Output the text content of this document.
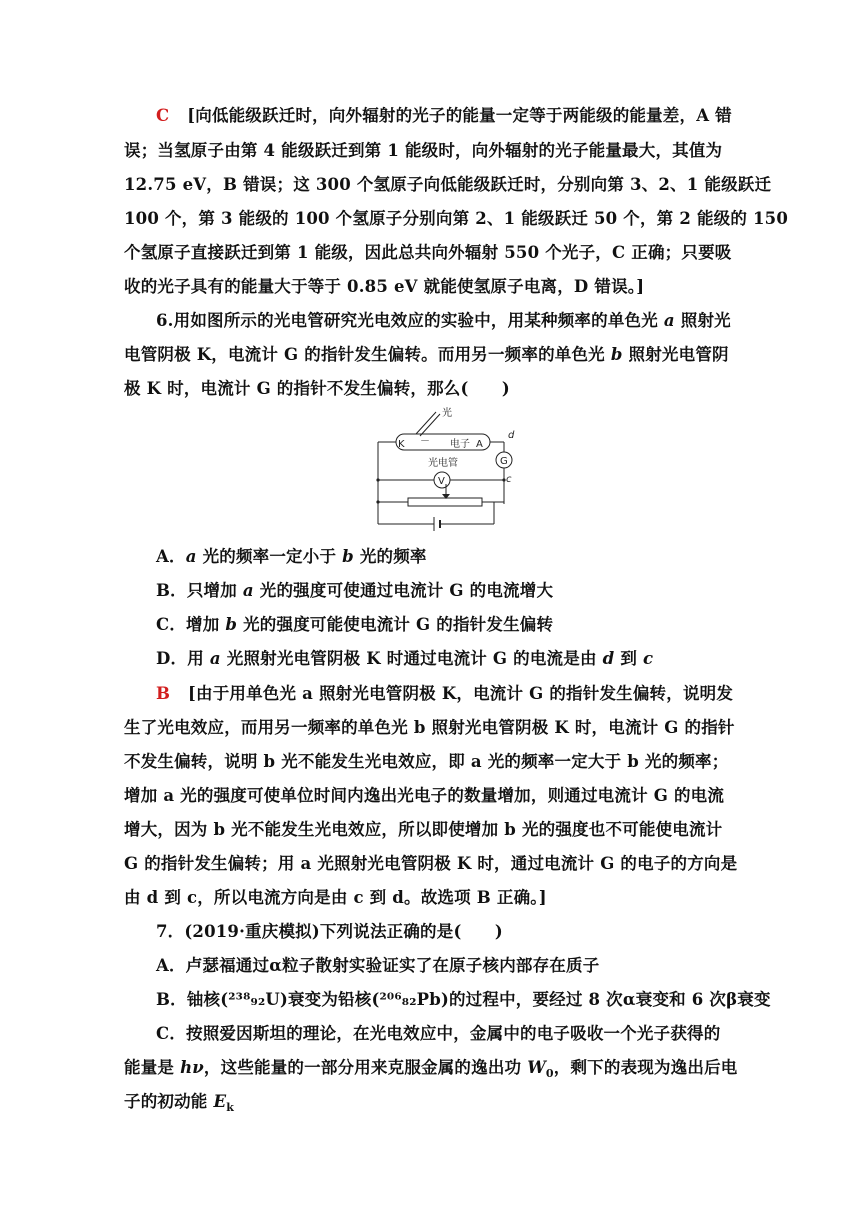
C [向低能级跃迁时，向外辐射的光子的能量一定等于两能级的能量差，A 错
误；当氢原子由第 4 能级跃迁到第 1 能级时，向外辐射的光子能量最大，其值为
12.75 eV，B 错误；这 300 个氢原子向低能级跃迁时，分别向第 3、2、1 能级跃迁
100 个，第 3 能级的 100 个氢原子分别向第 2、1 能级跃迁 50 个，第 2 能级的 150
个氢原子直接跃迁到第 1 能级，因此总共向外辐射 550 个光子，C 正确；只要吸
收的光子具有的能量大于等于 0.85 eV 就能使氢原子电离，D 错误。]
6.用如图所示的光电管研究光电效应的实验中，用某种频率的单色光 a 照射光
电管阴极 K，电流计 G 的指针发生偏转。而用另一频率的单色光 b 照射光电管阴
极 K 时，电流计 G 的指针不发生偏转，那么(　　)
光
K － 电子 A
光电管	G
d
c
V
A．a 光的频率一定小于 b 光的频率
B．只增加 a 光的强度可使通过电流计 G 的电流增大
C．增加 b 光的强度可能使电流计 G 的指针发生偏转
D．用 a 光照射光电管阴极 K 时通过电流计 G 的电流是由 d 到 c
B [由于用单色光 a 照射光电管阴极 K，电流计 G 的指针发生偏转，说明发
生了光电效应，而用另一频率的单色光 b 照射光电管阴极 K 时，电流计 G 的指针
不发生偏转，说明 b 光不能发生光电效应，即 a 光的频率一定大于 b 光的频率；
增加 a 光的强度可使单位时间内逸出光电子的数量增加，则通过电流计 G 的电流
增大，因为 b 光不能发生光电效应，所以即使增加 b 光的强度也不可能使电流计
G 的指针发生偏转；用 a 光照射光电管阴极 K 时，通过电流计 G 的电子的方向是
由 d 到 c，所以电流方向是由 c 到 d。故选项 B 正确。]
7．(2019·重庆模拟)下列说法正确的是(　　)
A．卢瑟福通过α粒子散射实验证实了在原子核内部存在质子
B．铀核(²³⁸₉₂U)衰变为铅核(²⁰⁶₈₂Pb)的过程中，要经过 8 次α衰变和 6 次β衰变
C．按照爱因斯坦的理论，在光电效应中，金属中的电子吸收一个光子获得的
能量是 hν，这些能量的一部分用来克服金属的逸出功 $W_0$，剩下的表现为逸出后电
子的初动能 $E_k$
